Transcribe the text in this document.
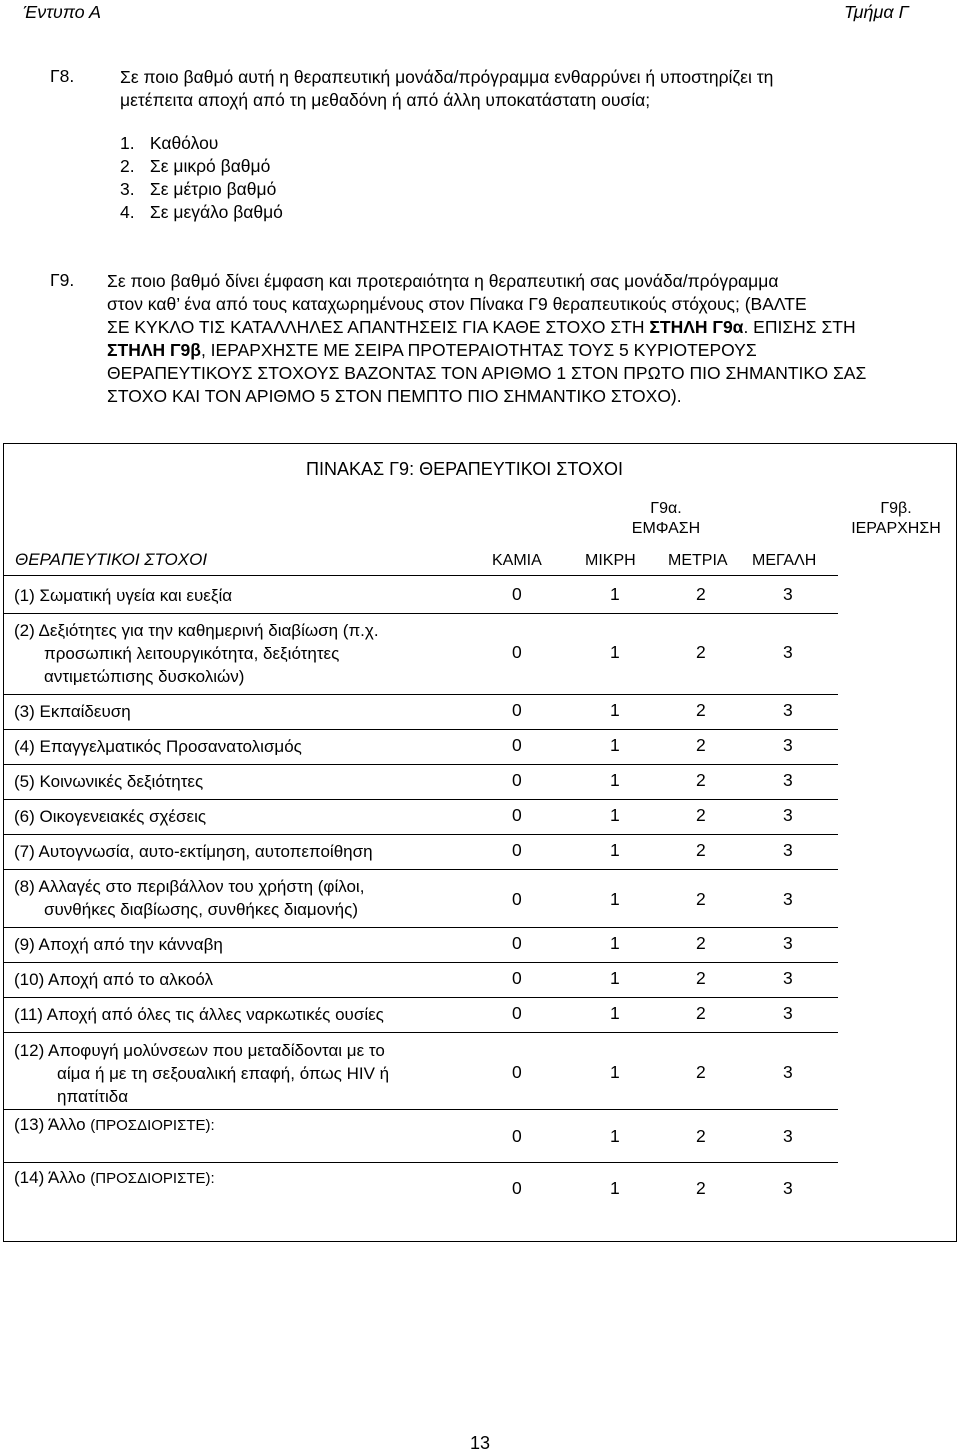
Έντυπο Α	Τμήμα Γ
Γ8.	Σε ποιο βαθμό αυτή η θεραπευτική μονάδα/πρόγραμμα ενθαρρύνει ή υποστηρίζει τη
μετέπειτα αποχή από τη μεθαδόνη ή από άλλη υποκατάστατη ουσία;
1. Καθόλου
2. Σε μικρό βαθμό
3. Σε μέτριο βαθμό
4. Σε μεγάλο βαθμό
Γ9. Σε ποιο βαθμό δίνει έμφαση και προτεραιότητα η θεραπευτική σας μονάδα/πρόγραμμα
στον καθ’ ένα από τους καταχωρημένους στον Πίνακα Γ9 θεραπευτικούς στόχους; (ΒΑΛΤΕ
ΣΕ ΚΥΚΛΟ ΤΙΣ ΚΑΤΑΛΛΗΛΕΣ ΑΠΑΝΤΗΣΕΙΣ ΓΙΑ ΚΑΘΕ ΣΤΟΧΟ ΣΤΗ ΣΤΗΛΗ Γ9α. ΕΠΙΣΗΣ ΣΤΗ
ΣΤΗΛΗ Γ9β, ΙΕΡΑΡΧΗΣΤΕ ΜΕ ΣΕΙΡΑ ΠΡΟΤΕΡΑΙΟΤΗΤΑΣ ΤΟΥΣ 5 ΚΥΡΙΟΤΕΡΟΥΣ
ΘΕΡΑΠΕΥΤΙΚΟΥΣ ΣΤΟΧΟΥΣ ΒΑΖΟΝΤΑΣ ΤΟΝ ΑΡΙΘΜΟ 1 ΣΤΟΝ ΠΡΩΤΟ ΠΙΟ ΣΗΜΑΝΤΙΚΟ ΣΑΣ
ΣΤΟΧΟ ΚΑΙ ΤΟΝ ΑΡΙΘΜΟ 5 ΣΤΟΝ ΠΕΜΠΤΟ ΠΙΟ ΣΗΜΑΝΤΙΚΟ ΣΤΟΧΟ).
ΠΙΝΑΚΑΣ Γ9: ΘΕΡΑΠΕΥΤΙΚΟΙ ΣΤΟΧΟΙ
Γ9α.
ΕΜΦΑΣΗ
Γ9β.
ΙΕΡΑΡΧΗΣΗ
ΘΕΡΑΠΕΥΤΙΚΟΙ ΣΤΟΧΟΙ	ΚΑΜΙΑ	ΜΙΚΡΗ ΜΕΤΡΙΑ ΜΕΓΑΛΗ
(1) Σωματική υγεία και ευεξία	0	1	2	3
(2) Δεξιότητες για την καθημερινή διαβίωση (π.χ.
προσωπική λειτουργικότητα, δεξιότητες
αντιμετώπισης δυσκολιών)
0	1	2	3
(3) Εκπαίδευση	0	1	2	3
(4) Επαγγελματικός Προσανατολισμός	0	1	2	3
(5) Κοινωνικές δεξιότητες	0	1	2	3
(6) Οικογενειακές σχέσεις	0	1	2	3
(7) Αυτογνωσία, αυτο-εκτίμηση, αυτοπεποίθηση	0	1	2	3
(8) Αλλαγές στο περιβάλλον του χρήστη (φίλοι,
συνθήκες διαβίωσης, συνθήκες διαμονής)
0	1	2	3
(9) Αποχή από την κάνναβη	0	1	2	3
(10) Αποχή από το αλκοόλ	0	1	2	3
(11) Αποχή από όλες τις άλλες ναρκωτικές ουσίες	0	1	2	3
(12) Αποφυγή μολύνσεων που μεταδίδονται με το
αίμα ή με τη σεξουαλική επαφή, όπως HIV ή
ηπατίτιδα
0	1	2	3
(13) Άλλο (ΠΡΟΣΔΙΟΡΙΣΤΕ):
0	1	2	3
(14) Άλλο (ΠΡΟΣΔΙΟΡΙΣΤΕ):	0	1	2	3
13
